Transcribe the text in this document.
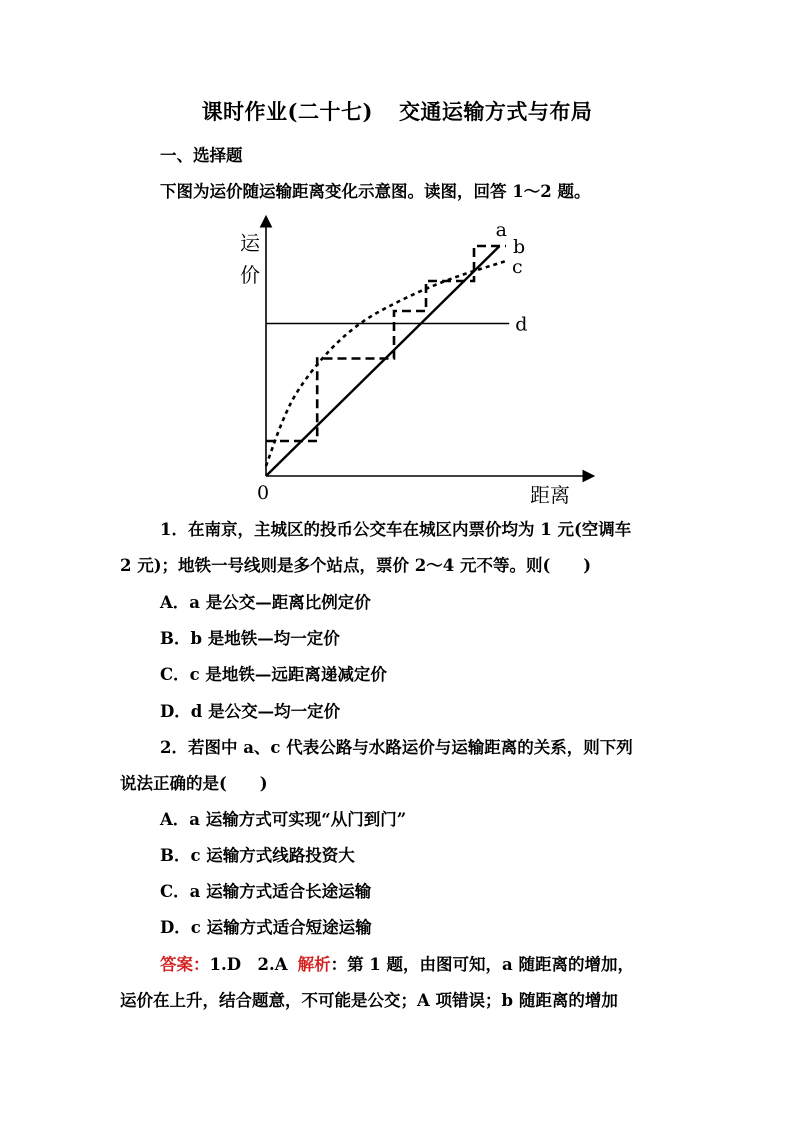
课时作业(二十七) 交通运输方式与布局
一、选择题
下图为运价随运输距离变化示意图。读图，回答 1～2 题。
a
b
c
d
运
价
距离
0
1．在南京，主城区的投币公交车在城区内票价均为 1 元(空调车
2 元)；地铁一号线则是多个站点，票价 2～4 元不等。则(　　)
A．a 是公交—距离比例定价
B．b 是地铁—均一定价
C．c 是地铁—远距离递减定价
D．d 是公交—均一定价
2．若图中 a、c 代表公路与水路运价与运输距离的关系，则下列
说法正确的是(　　)
A．a 运输方式可实现“从门到门”
B．c 运输方式线路投资大
C．a 运输方式适合长途运输
D．c 运输方式适合短途运输
答案：1.D　2.A 解析：第 1 题，由图可知，a 随距离的增加，
运价在上升，结合题意，不可能是公交；A 项错误；b 随距离的增加
